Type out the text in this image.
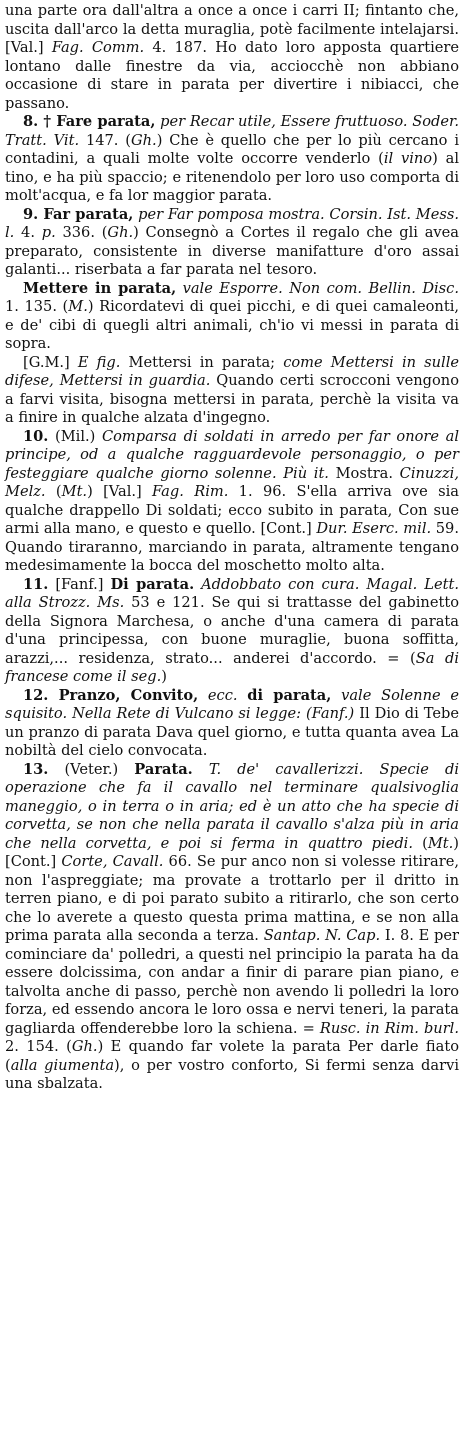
una parte ora dall'altra a once a once i carri II; fintanto che, uscita dall'arco la detta muraglia, potè facilmente intelajarsi. [Val.] Fag. Comm. 4. 187. Ho dato loro apposta quartiere lontano dalle finestre da via, acciocchè non abbiano occasione di stare in parata per divertire i nibiacci, che passano.

8. † Fare parata, per Recar utile, Essere fruttuoso. Soder. Tratt. Vit. 147. (Gh.) Che è quello che per lo più cercano i contadini, a quali molte volte occorre venderlo (il vino) al tino, e ha più spaccio; e ritenendolo per loro uso comporta di molt'acqua, e fa lor maggior parata.

9. Far parata, per Far pomposa mostra. Corsin. Ist. Mess. l. 4. p. 336. (Gh.) Consegnò a Cortes il regalo che gli avea preparato, consistente in diverse manifatture d'oro assai galanti... riserbata a far parata nel tesoro.

Mettere in parata, vale Esporre. Non com. Bellin. Disc. 1. 135. (M.) Ricordatevi di quei picchi, e di quei camaleonti, e de' cibi di quegli altri animali, ch'io vi messi in parata di sopra.

[G.M.] E fig. Mettersi in parata; come Mettersi in sulle difese, Mettersi in guardia. Quando certi scrocconi vengono a farvi visita, bisogna mettersi in parata, perchè la visita va a finire in qualche alzata d'ingegno.

10. (Mil.) Comparsa di soldati in arredo per far onore al principe, od a qualche ragguardevole personaggio, o per festeggiare qualche giorno solenne. Più it. Mostra. Cinuzzi, Melz. (Mt.) [Val.] Fag. Rim. 1. 96. S'ella arriva ove sia qualche drappello Di soldati; ecco subito in parata, Con sue armi alla mano, e questo e quello. [Cont.] Dur. Eserc. mil. 59. Quando tiraranno, marciando in parata, altramente tengano medesimamente la bocca del moschetto molto alta.

11. [Fanf.] Di parata. Addobbato con cura. Magal. Lett. alla Strozz. Ms. 53 e 121. Se qui si trattasse del gabinetto della Signora Marchesa, o anche d'una camera di parata d'una principessa, con buone muraglie, buona soffitta, arazzi,... residenza, strato... anderei d'accordo. = (Sa di francese come il seg.)

12. Pranzo, Convito, ecc. di parata, vale Solenne e squisito. Nella Rete di Vulcano si legge: (Fanf.) Il Dio di Tebe un pranzo di parata Dava quel giorno, e tutta quanta avea La nobiltà del cielo convocata.

13. (Veter.) Parata. T. de' cavallerizzi. Specie di operazione che fa il cavallo nel terminare qualsivoglia maneggio, o in terra o in aria; ed è un atto che ha specie di corvetta, se non che nella parata il cavallo s'alza più in aria che nella corvetta, e poi si ferma in quattro piedi. (Mt.) [Cont.] Corte, Cavall. 66. Se pur anco non si volesse ritirare, non l'aspreggiate; ma provate a trottarlo per il dritto in terren piano, e di poi parato subito a ritirarlo, che son certo che lo averete a questo questa prima mattina, e se non alla prima parata alla seconda a terza. Santap. N. Cap. I. 8. E per cominciare da' polledri, a questi nel principio la parata ha da essere dolcissima, con andar a finir di parare pian piano, e talvolta anche di passo, perchè non avendo li polledri la loro forza, ed essendo ancora le loro ossa e nervi teneri, la parata gagliarda offenderebbe loro la schiena. = Rusc. in Rim. burl. 2. 154. (Gh.) E quando far volete la parata Per darle fiato (alla giumenta), o per vostro conforto, Si fermi senza darvi una sbalzata.
